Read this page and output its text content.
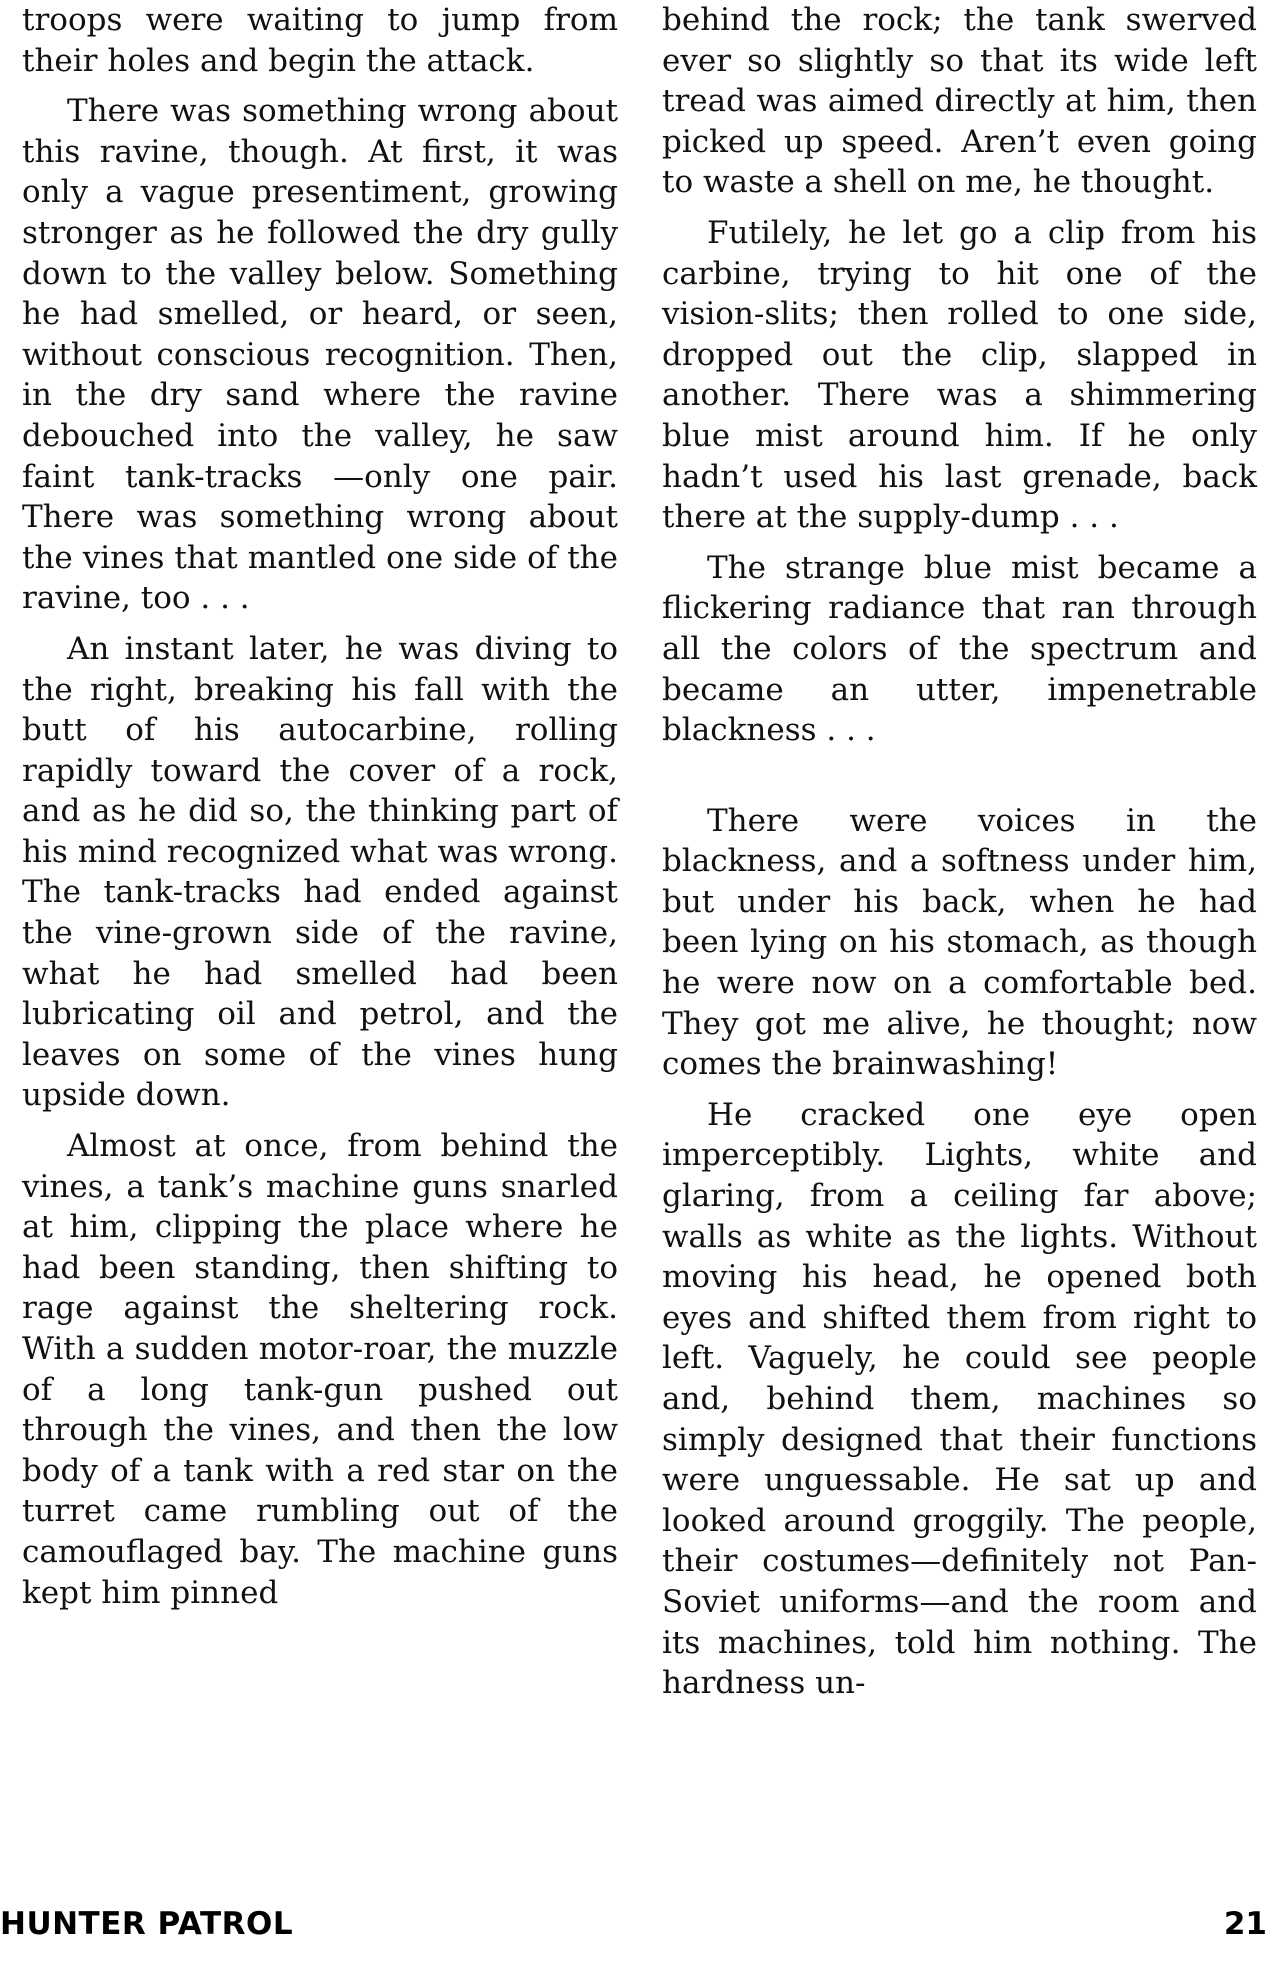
troops were waiting to jump from their holes and begin the attack.

There was something wrong about this ravine, though. At first, it was only a vague presentiment, growing stronger as he followed the dry gully down to the valley below. Something he had smelled, or heard, or seen, without conscious recognition. Then, in the dry sand where the ravine debouched into the valley, he saw faint tank-tracks —only one pair. There was something wrong about the vines that mantled one side of the ravine, too . . .

An instant later, he was diving to the right, breaking his fall with the butt of his autocarbine, rolling rapidly toward the cover of a rock, and as he did so, the thinking part of his mind recognized what was wrong. The tank-tracks had ended against the vine-grown side of the ravine, what he had smelled had been lubricating oil and petrol, and the leaves on some of the vines hung upside down.

Almost at once, from behind the vines, a tank’s machine guns snarled at him, clipping the place where he had been standing, then shifting to rage against the sheltering rock. With a sudden motor-roar, the muzzle of a long tank-gun pushed out through the vines, and then the low body of a tank with a red star on the turret came rumbling out of the camouflaged bay. The machine guns kept him pinned

behind the rock; the tank swerved ever so slightly so that its wide left tread was aimed directly at him, then picked up speed. Aren’t even going to waste a shell on me, he thought.

Futilely, he let go a clip from his carbine, trying to hit one of the vision-slits; then rolled to one side, dropped out the clip, slapped in another. There was a shimmering blue mist around him. If he only hadn’t used his last grenade, back there at the supply-dump . . .

The strange blue mist became a flickering radiance that ran through all the colors of the spectrum and became an utter, impenetrable blackness . . .

There were voices in the blackness, and a softness under him, but under his back, when he had been lying on his stomach, as though he were now on a comfortable bed. They got me alive, he thought; now comes the brainwashing!

He cracked one eye open imperceptibly. Lights, white and glaring, from a ceiling far above; walls as white as the lights. Without moving his head, he opened both eyes and shifted them from right to left. Vaguely, he could see people and, behind them, machines so simply designed that their functions were unguessable. He sat up and looked around groggily. The people, their costumes—definitely not Pan-Soviet uniforms—and the room and its machines, told him nothing. The hardness un-

HUNTER PATROL	21
